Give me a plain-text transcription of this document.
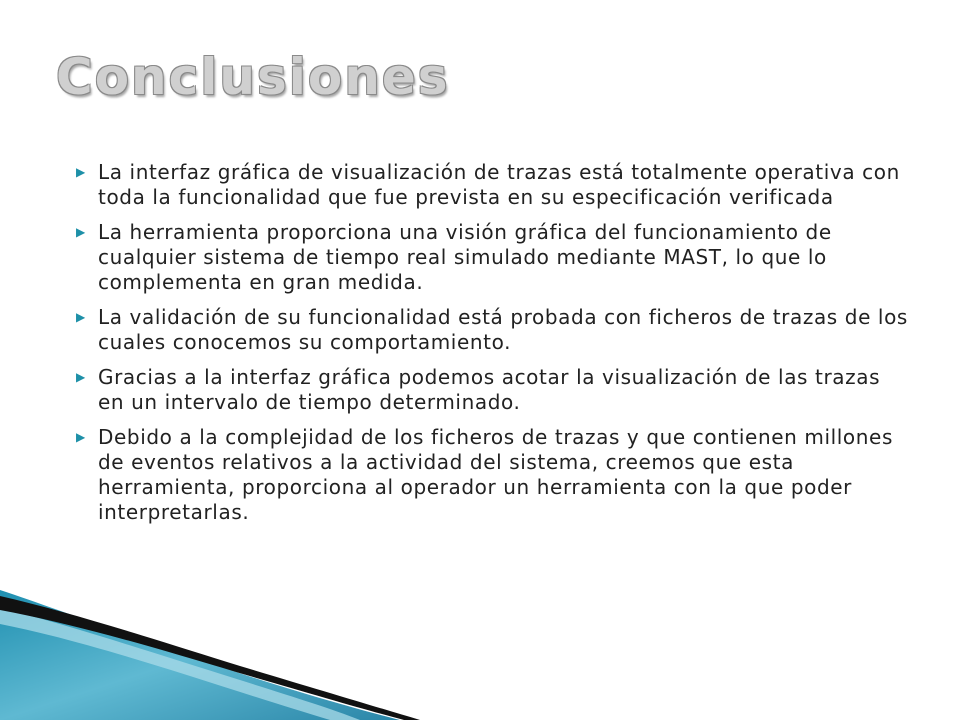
Conclusiones
▶ La interfaz gráfica de visualización de trazas está totalmente operativa con toda la funcionalidad que fue prevista en su especificación verificada
▶ La herramienta proporciona una visión gráfica del funcionamiento de cualquier sistema de tiempo real simulado mediante MAST, lo que lo complementa en gran medida.
▶ La validación de su funcionalidad está probada con ficheros de trazas de los cuales conocemos su comportamiento.
▶ Gracias a la interfaz gráfica podemos acotar la visualización de las trazas en un intervalo de tiempo determinado.
▶ Debido a la complejidad de los ficheros de trazas y que contienen millones de eventos relativos a la actividad del sistema, creemos que esta herramienta, proporciona al operador un herramienta con la que poder interpretarlas.
